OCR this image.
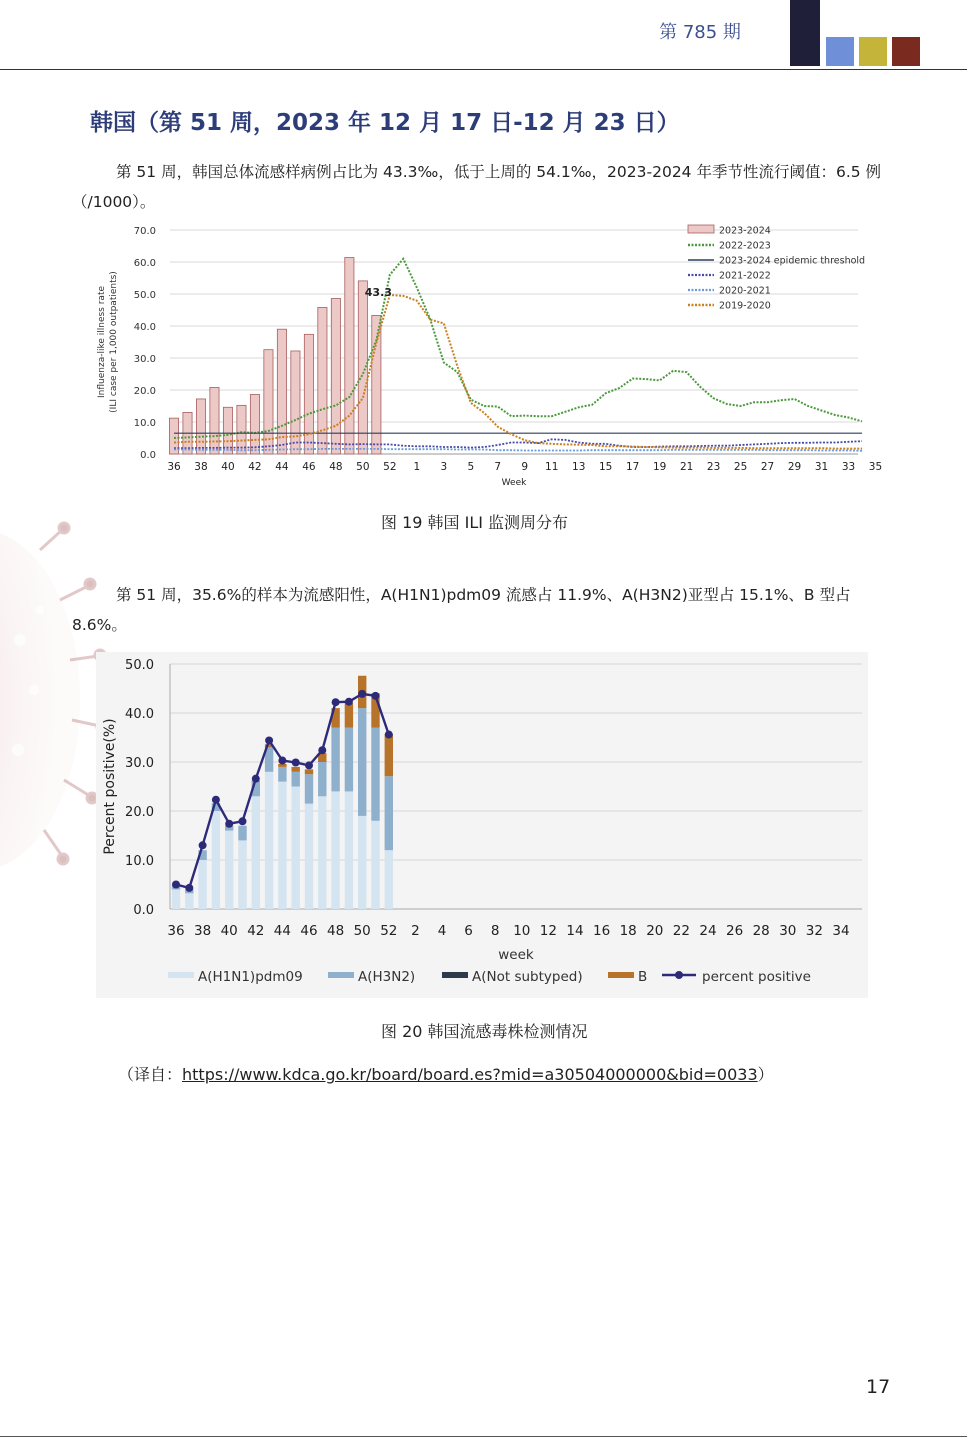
第 785 期
韩国（第 51 周，2023 年 12 月 17 日-12 月 23 日）
第 51 周，韩国总体流感样病例占比为 43.3‰，低于上周的 54.1‰，2023-2024 年季节性流行阈值：6.5 例（/1000）。
0.0
10.0
20.0
30.0
40.0
50.0
60.0
70.0
Influenza-like illness rate (ILI case per 1,000 outpatients)	43.3
36 38 40 42 44 46 48 50 52 1 3 5 7 9 11 13 15 17 19 21 23 25 27 29 31 33 35
Week
2023-2024
2022-2023
2023-2024 epidemic threshold
2021-2022
2020-2021
2019-2020
图 19 韩国 ILI 监测周分布
第 51 周，35.6%的样本为流感阳性，A(H1N1)pdm09 流感占 11.9%、A(H3N2)亚型占 15.1%、B 型占 8.6%。
0.0
10.0
20.0
30.0
40.0
50.0
Percent positive(%)
36 38 40 42 44 46 48 50 52 2 4 6 8 10 12 14 16 18 20 22 24 26 28 30 32 34
week
A(H1N1)pdm09	A(H3N2)	A(Not subtyped)	B	percent positive
图 20 韩国流感毒株检测情况
（译自：https://www.kdca.go.kr/board/board.es?mid=a30504000000&bid=0033）
17
